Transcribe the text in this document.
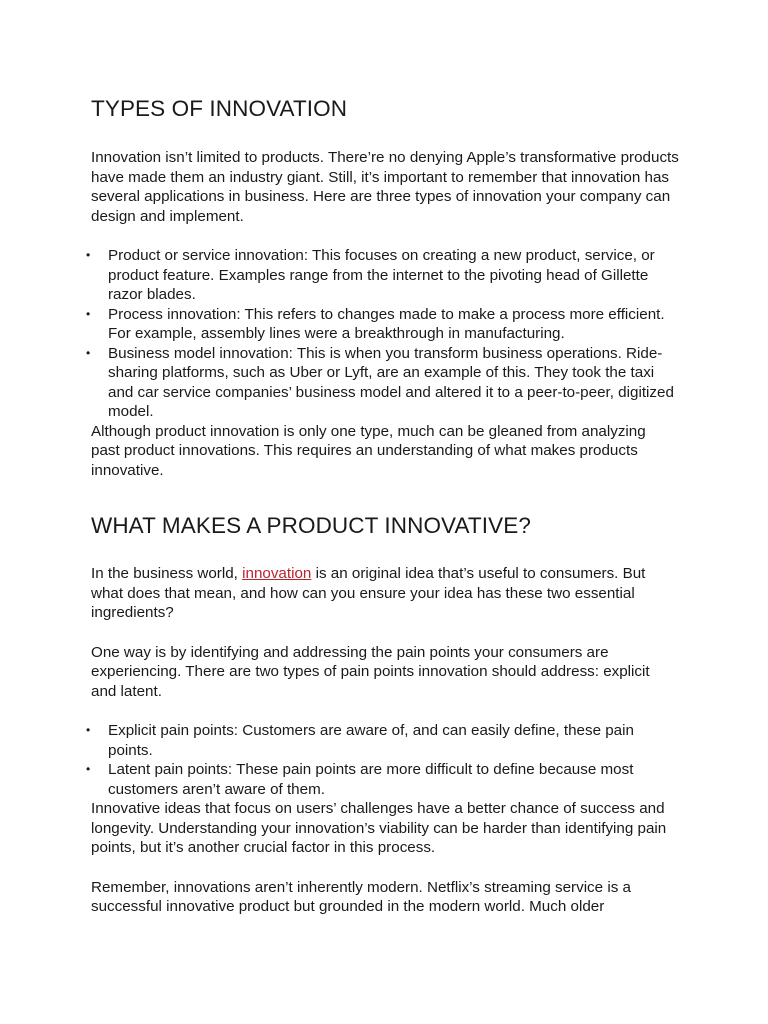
TYPES OF INNOVATION

Innovation isn’t limited to products. There’re no denying Apple’s transformative products have made them an industry giant. Still, it’s important to remember that innovation has several applications in business. Here are three types of innovation your company can design and implement.

• Product or service innovation: This focuses on creating a new product, service, or product feature. Examples range from the internet to the pivoting head of Gillette razor blades.
• Process innovation: This refers to changes made to make a process more efficient. For example, assembly lines were a breakthrough in manufacturing.
• Business model innovation: This is when you transform business operations. Ride-sharing platforms, such as Uber or Lyft, are an example of this. They took the taxi and car service companies’ business model and altered it to a peer-to-peer, digitized model.

Although product innovation is only one type, much can be gleaned from analyzing past product innovations. This requires an understanding of what makes products innovative.

WHAT MAKES A PRODUCT INNOVATIVE?

In the business world, innovation is an original idea that’s useful to consumers. But what does that mean, and how can you ensure your idea has these two essential ingredients?

One way is by identifying and addressing the pain points your consumers are experiencing. There are two types of pain points innovation should address: explicit and latent.

• Explicit pain points: Customers are aware of, and can easily define, these pain points.
• Latent pain points: These pain points are more difficult to define because most customers aren’t aware of them.

Innovative ideas that focus on users’ challenges have a better chance of success and longevity. Understanding your innovation’s viability can be harder than identifying pain points, but it’s another crucial factor in this process.

Remember, innovations aren’t inherently modern. Netflix’s streaming service is a successful innovative product but grounded in the modern world. Much older
